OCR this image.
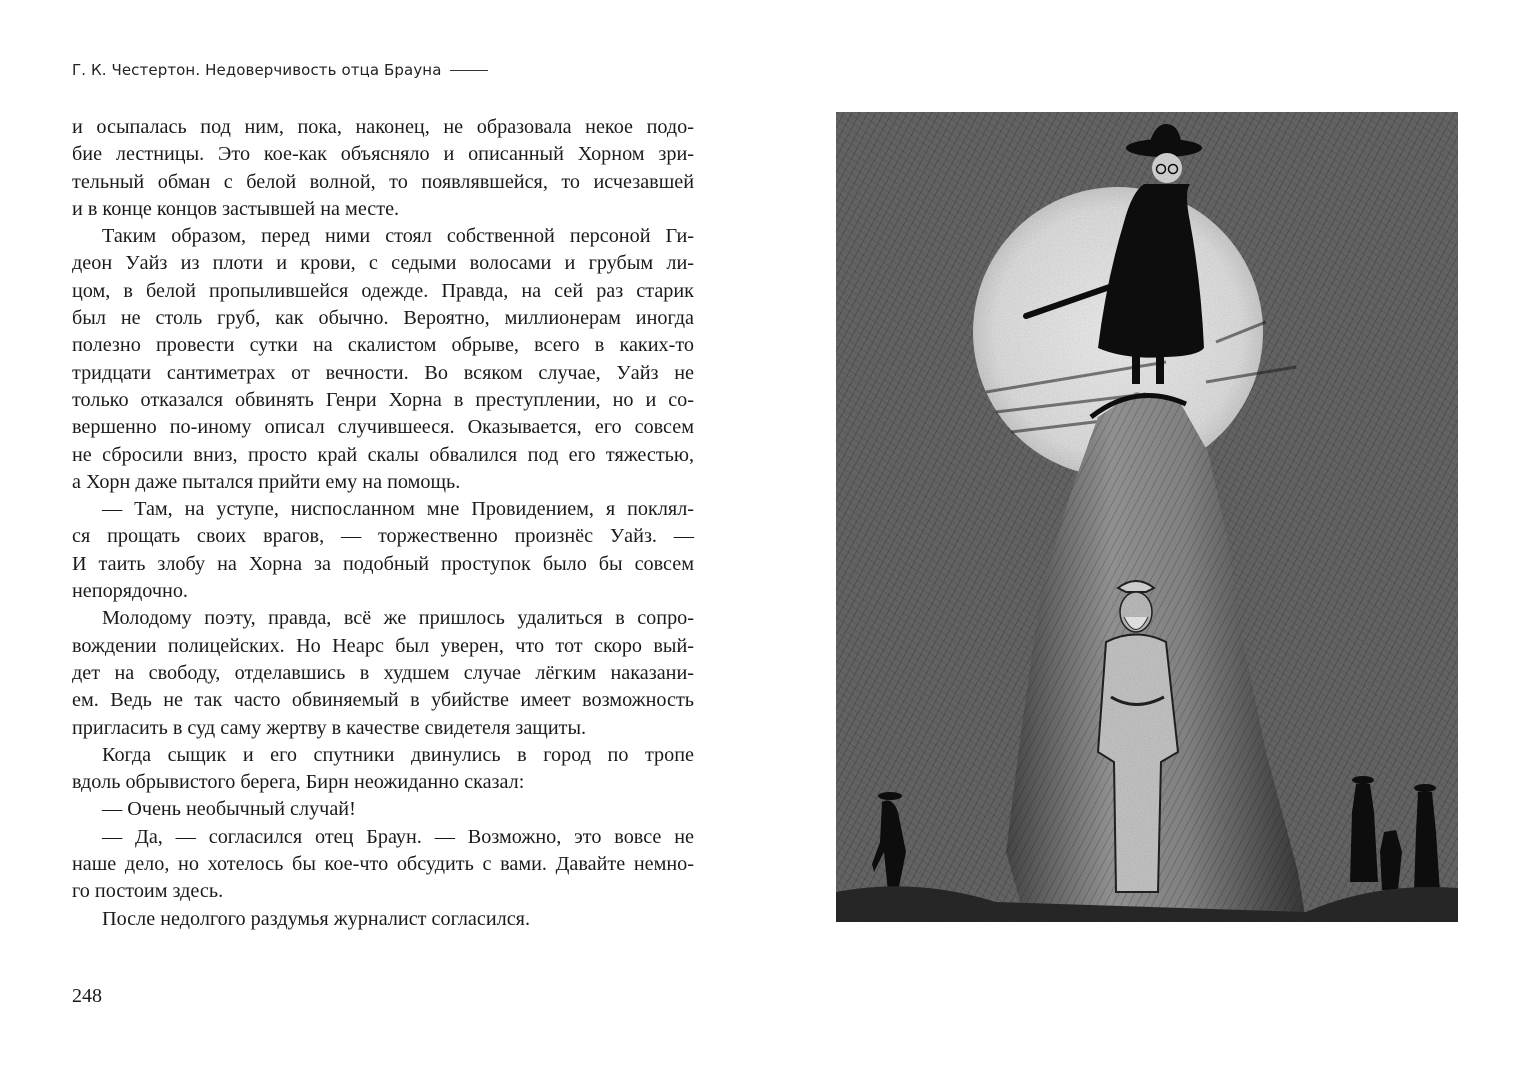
Г. К. Честертон. Недоверчивость отца Брауна
и осыпалась под ним, пока, наконец, не образовала некое подо-
бие лестницы. Это кое-как объясняло и описанный Хорном зри-
тельный обман с белой волной, то появлявшейся, то исчезавшей
и в конце концов застывшей на месте.
Таким образом, перед ними стоял собственной персоной Ги-
деон Уайз из плоти и крови, с седыми волосами и грубым ли-
цом, в белой пропылившейся одежде. Правда, на сей раз старик
был не столь груб, как обычно. Вероятно, миллионерам иногда
полезно провести сутки на скалистом обрыве, всего в каких-то
тридцати сантиметрах от вечности. Во всяком случае, Уайз не
только отказался обвинять Генри Хорна в преступлении, но и со-
вершенно по-иному описал случившееся. Оказывается, его совсем
не сбросили вниз, просто край скалы обвалился под его тяжестью,
а Хорн даже пытался прийти ему на помощь.
— Там, на уступе, ниспосланном мне Провидением, я поклял-
ся прощать своих врагов, — торжественно произнёс Уайз. —
И таить злобу на Хорна за подобный проступок было бы совсем
непорядочно.
Молодому поэту, правда, всё же пришлось удалиться в сопро-
вождении полицейских. Но Неарс был уверен, что тот скоро вый-
дет на свободу, отделавшись в худшем случае лёгким наказани-
ем. Ведь не так часто обвиняемый в убийстве имеет возможность
пригласить в суд саму жертву в качестве свидетеля защиты.
Когда сыщик и его спутники двинулись в город по тропе
вдоль обрывистого берега, Бирн неожиданно сказал:
— Очень необычный случай!
— Да, — согласился отец Браун. — Возможно, это вовсе не
наше дело, но хотелось бы кое-что обсудить с вами. Давайте немно-
го постоим здесь.
После недолгого раздумья журналист согласился.
248
